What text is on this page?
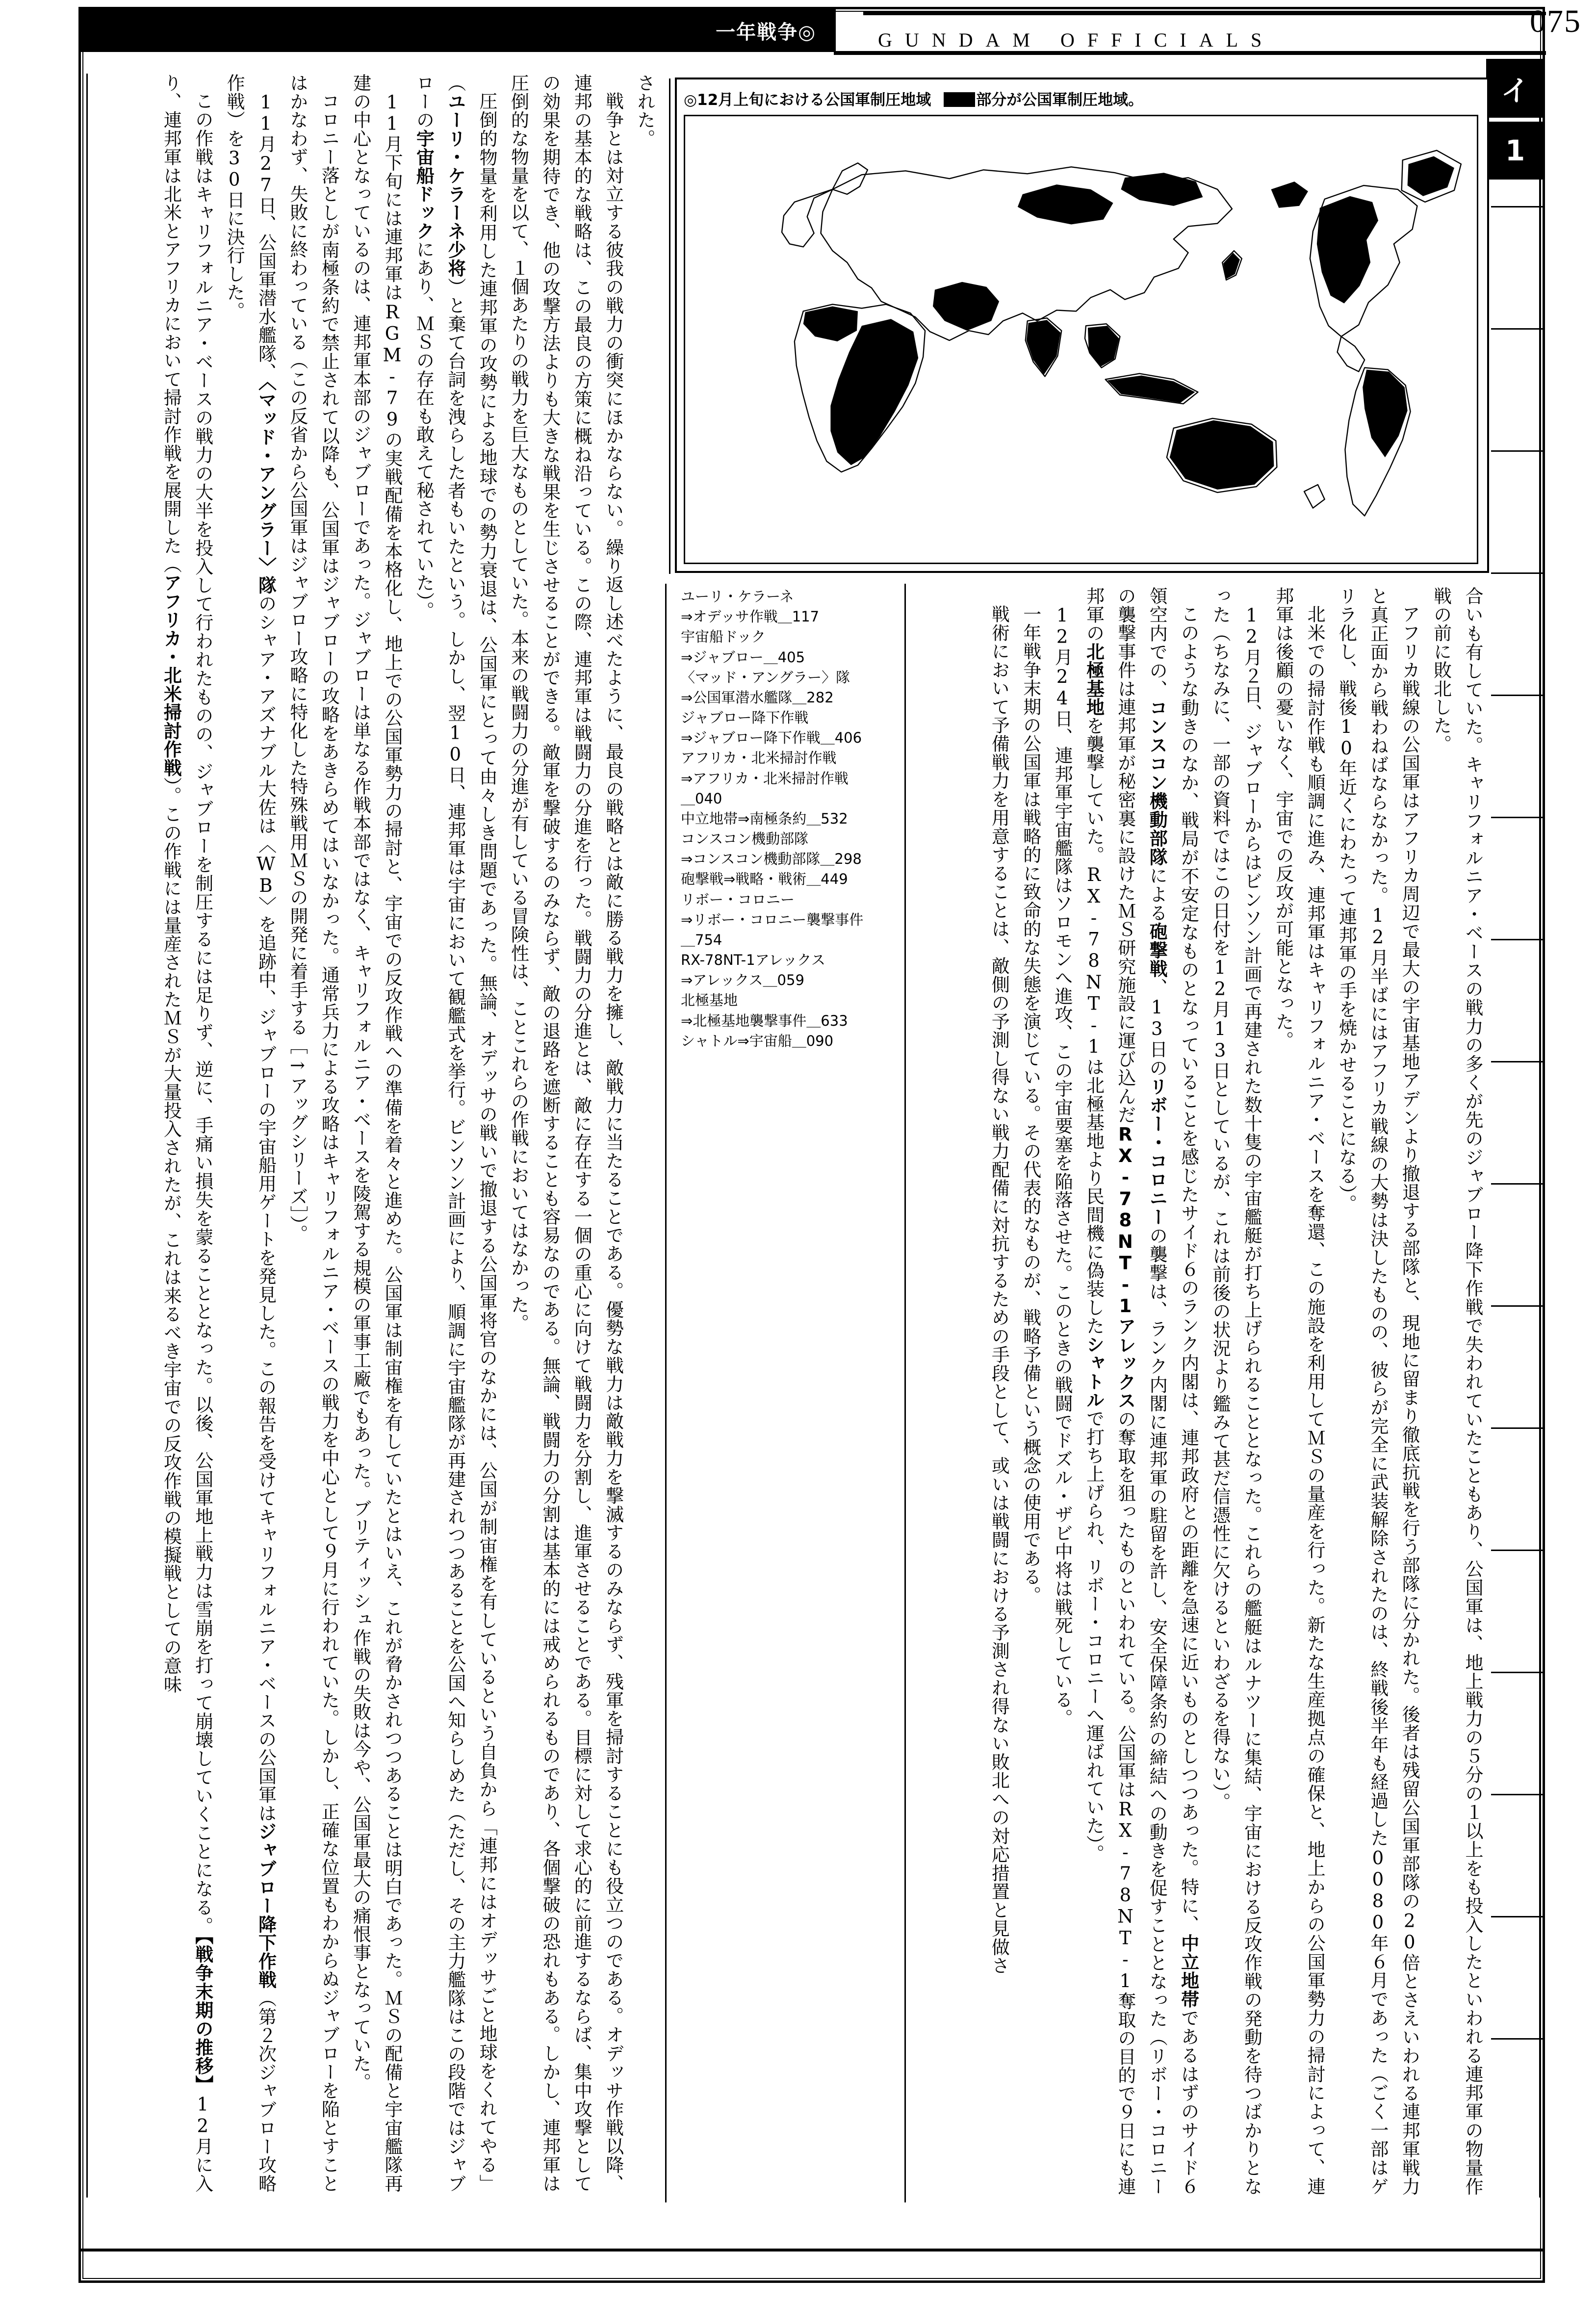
一年戦争◎	GUNDAM OFFICIALS
075
イ
1
◎12月上旬における公国軍制圧地域	部分が公国軍制圧地域。

された。

戦争とは対立する彼我の戦力の衝突にほかならない。繰り返し述べたように、最良の戦略とは敵に勝る戦力を擁し、敵戦力に当たることである。優勢な戦力は敵戦力を撃滅するのみならず、残軍を掃討することにも役立つのである。オデッサ作戦以降、連邦の基本的な戦略は、この最良の方策に概ね沿っている。この際、連邦軍は戦闘力の分進を行った。戦闘力の分進とは、敵に存在する一個の重心に向けて戦闘力を分割し、進軍させることである。目標に対して求心的に前進するならば、集中攻撃としての効果を期待でき、他の攻撃方法よりも大きな戦果を生じさせることができる。敵軍を撃破するのみならず、敵の退路を遮断することも容易なのである。無論、戦闘力の分割は基本的には戒められるものであり、各個撃破の恐れもある。しかし、連邦軍は圧倒的な物量を以て、１個あたりの戦力を巨大なものとしていた。本来の戦闘力の分進が有している冒険性は、ことこれらの作戦においてはなかった。

圧倒的物量を利用した連邦軍の攻勢による地球での勢力衰退は、公国軍にとって由々しき問題であった。無論、オデッサの戦いで撤退する公国軍将官のなかには、公国が制宙権を有しているという自負から「連邦にはオデッサごと地球をくれてやる」（ユーリ・ケラーネ少将）と棄て台詞を洩らした者もいたという。しかし、翌10日、連邦軍は宇宙において観艦式を挙行。ビンソン計画により、順調に宇宙艦隊が再建されつつあることを公国へ知らしめた（ただし、その主力艦隊はこの段階ではジャブローの宇宙船ドックにあり、ＭＳの存在も敢えて秘されていた）。

11月下旬には連邦軍はRGM-79の実戦配備を本格化し、地上での公国軍勢力の掃討と、宇宙での反攻作戦への準備を着々と進めた。公国軍は制宙権を有していたとはいえ、これが脅かされつつあることは明白であった。ＭＳの配備と宇宙艦隊再建の中心となっているのは、連邦軍本部のジャブローであった。ジャブローは単なる作戦本部ではなく、キャリフォルニア・ベースを陵駕する規模の軍事工廠でもあった。ブリティッシュ作戦の失敗は今や、公国軍最大の痛恨事となっていた。

コロニー落としが南極条約で禁止されて以降も、公国軍はジャブローの攻略をあきらめてはいなかった。通常兵力による攻略はキャリフォルニア・ベースの戦力を中心として９月に行われていた。しかし、正確な位置もわからぬジャブローを陥とすことはかなわず、失敗に終わっている（この反省から公国軍はジャブロー攻略に特化した特殊戦用ＭＳの開発に着手する［→アッグシリーズ］）。

11月27日、公国軍潜水艦隊、〈マッド・アングラー〉隊のシャア・アズナブル大佐は〈WB〉を追跡中、ジャブローの宇宙船用ゲートを発見した。この報告を受けてキャリフォルニア・ベースの公国軍はジャブロー降下作戦（第２次ジャブロー攻略作戦）を30日に決行した。

この作戦はキャリフォルニア・ベースの戦力の大半を投入して行われたものの、ジャブローを制圧するには足りず、逆に、手痛い損失を蒙ることとなった。以後、公国軍地上戦力は雪崩を打って崩壊していくことになる。【戦争末期の推移】12月に入り、連邦軍は北米とアフリカにおいて掃討作戦を展開した（アフリカ・北米掃討作戦）。この作戦には量産されたＭＳが大量投入されたが、これは来るべき宇宙での反攻作戦の模擬戦としての意味

ユーリ・ケラーネ
⇒オデッサ作戦＿117
宇宙船ドック
⇒ジャブロー＿405
〈マッド・アングラー〉隊
⇒公国軍潜水艦隊＿282
ジャブロー降下作戦
⇒ジャブロー降下作戦＿406
アフリカ・北米掃討作戦
⇒アフリカ・北米掃討作戦
＿040
中立地帯⇒南極条約＿532
コンスコン機動部隊
⇒コンスコン機動部隊＿298
砲撃戦⇒戦略・戦術＿449
リボー・コロニー
⇒リボー・コロニー襲撃事件
＿754
RX-78NT-1アレックス
⇒アレックス＿059
北極基地
⇒北極基地襲撃事件＿633
シャトル⇒宇宙船＿090	合いも有していた。キャリフォルニア・ベースの戦力の多くが先のジャブロー降下作戦で失われていたこともあり、公国軍は、地上戦力の５分の１以上をも投入したといわれる連邦軍の物量作戦の前に敗北した。

アフリカ戦線の公国軍はアフリカ周辺で最大の宇宙基地アデンより撤退する部隊と、現地に留まり徹底抗戦を行う部隊に分かれた。後者は残留公国軍部隊の20倍とさえいわれる連邦軍戦力と真正面から戦わねばならなかった。12月半ばにはアフリカ戦線の大勢は決したものの、彼らが完全に武装解除されたのは、終戦後半年も経過した0080年６月であった（ごく一部はゲリラ化し、戦後10年近くにわたって連邦軍の手を焼かせることになる）。

北米での掃討作戦も順調に進み、連邦軍はキャリフォルニア・ベースを奪還、この施設を利用してＭＳの量産を行った。新たな生産拠点の確保と、地上からの公国軍勢力の掃討によって、連邦軍は後顧の憂いなく、宇宙での反攻が可能となった。

12月２日、ジャブローからはビンソン計画で再建された数十隻の宇宙艦艇が打ち上げられることとなった。これらの艦艇はルナツーに集結、宇宙における反攻作戦の発動を待つばかりとなった（ちなみに、一部の資料ではこの日付を12月13日としているが、これは前後の状況より鑑みて甚だ信憑性に欠けるといわざるを得ない）。

このような動きのなか、戦局が不安定なものとなっていることを感じたサイド６のランク内閣は、連邦政府との距離を急速に近いものとしつつあった。特に、中立地帯であるはずのサイド６領空内での、コンスコン機動部隊による砲撃戦、13日のリボー・コロニーの襲撃は、ランク内閣に連邦軍の駐留を許し、安全保障条約の締結への動きを促すこととなった（リボー・コロニーの襲撃事件は連邦軍が秘密裏に設けたＭＳ研究施設に運び込んだRX-78NT-1アレックスの奪取を狙ったものといわれている。公国軍はRX-78NT-1奪取の目的で９日にも連邦軍の北極基地を襲撃していた。RX-78NT-1は北極基地より民間機に偽装したシャトルで打ち上げられ、リボー・コロニーへ運ばれていた）。

12月24日、連邦軍宇宙艦隊はソロモンへ進攻、この宇宙要塞を陥落させた。このときの戦闘でドズル・ザビ中将は戦死している。

一年戦争末期の公国軍は戦略的に致命的な失態を演じている。その代表的なものが、戦略予備という概念の使用である。

戦術において予備戦力を用意することは、敵側の予測し得ない戦力配備に対抗するための手段として、或いは戦闘における予測され得ない敗北への対応措置と見做さ
